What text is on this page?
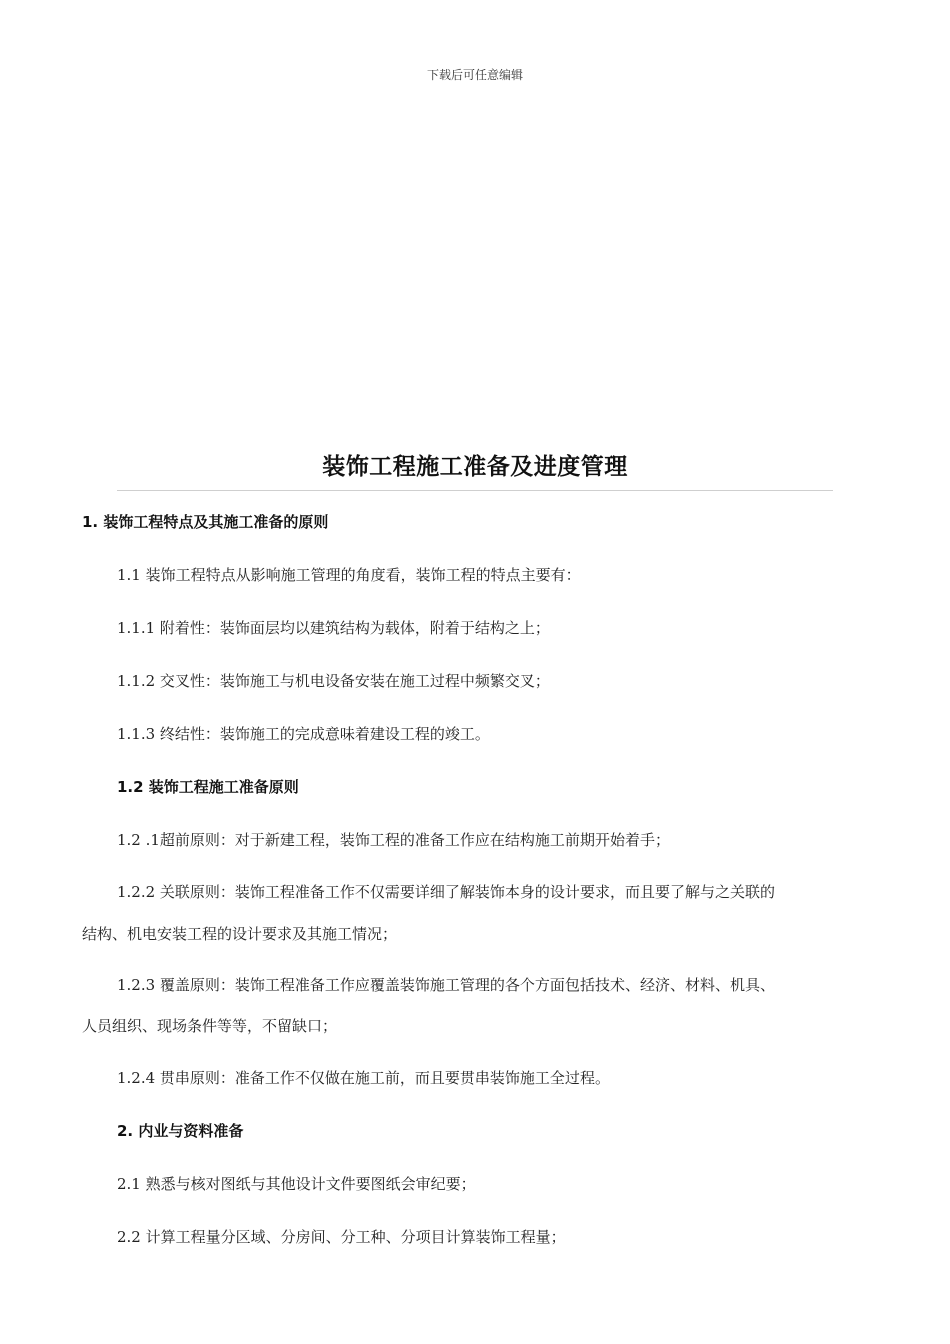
下载后可任意编辑
装饰工程施工准备及进度管理
1. 装饰工程特点及其施工准备的原则
1.1 装饰工程特点从影响施工管理的角度看，装饰工程的特点主要有：
1.1.1 附着性：装饰面层均以建筑结构为载体，附着于结构之上；
1.1.2 交叉性：装饰施工与机电设备安装在施工过程中频繁交叉；
1.1.3 终结性：装饰施工的完成意味着建设工程的竣工。
1.2 装饰工程施工准备原则
1.2 .1超前原则：对于新建工程，装饰工程的准备工作应在结构施工前期开始着手；
1.2.2 关联原则：装饰工程准备工作不仅需要详细了解装饰本身的设计要求，而且要了解与之关联的
结构、机电安装工程的设计要求及其施工情况；
1.2.3 覆盖原则：装饰工程准备工作应覆盖装饰施工管理的各个方面包括技术、经济、材料、机具、
人员组织、现场条件等等，不留缺口；
1.2.4 贯串原则：准备工作不仅做在施工前，而且要贯串装饰施工全过程。
2. 内业与资料准备
2.1 熟悉与核对图纸与其他设计文件要图纸会审纪要；
2.2 计算工程量分区域、分房间、分工种、分项目计算装饰工程量；
